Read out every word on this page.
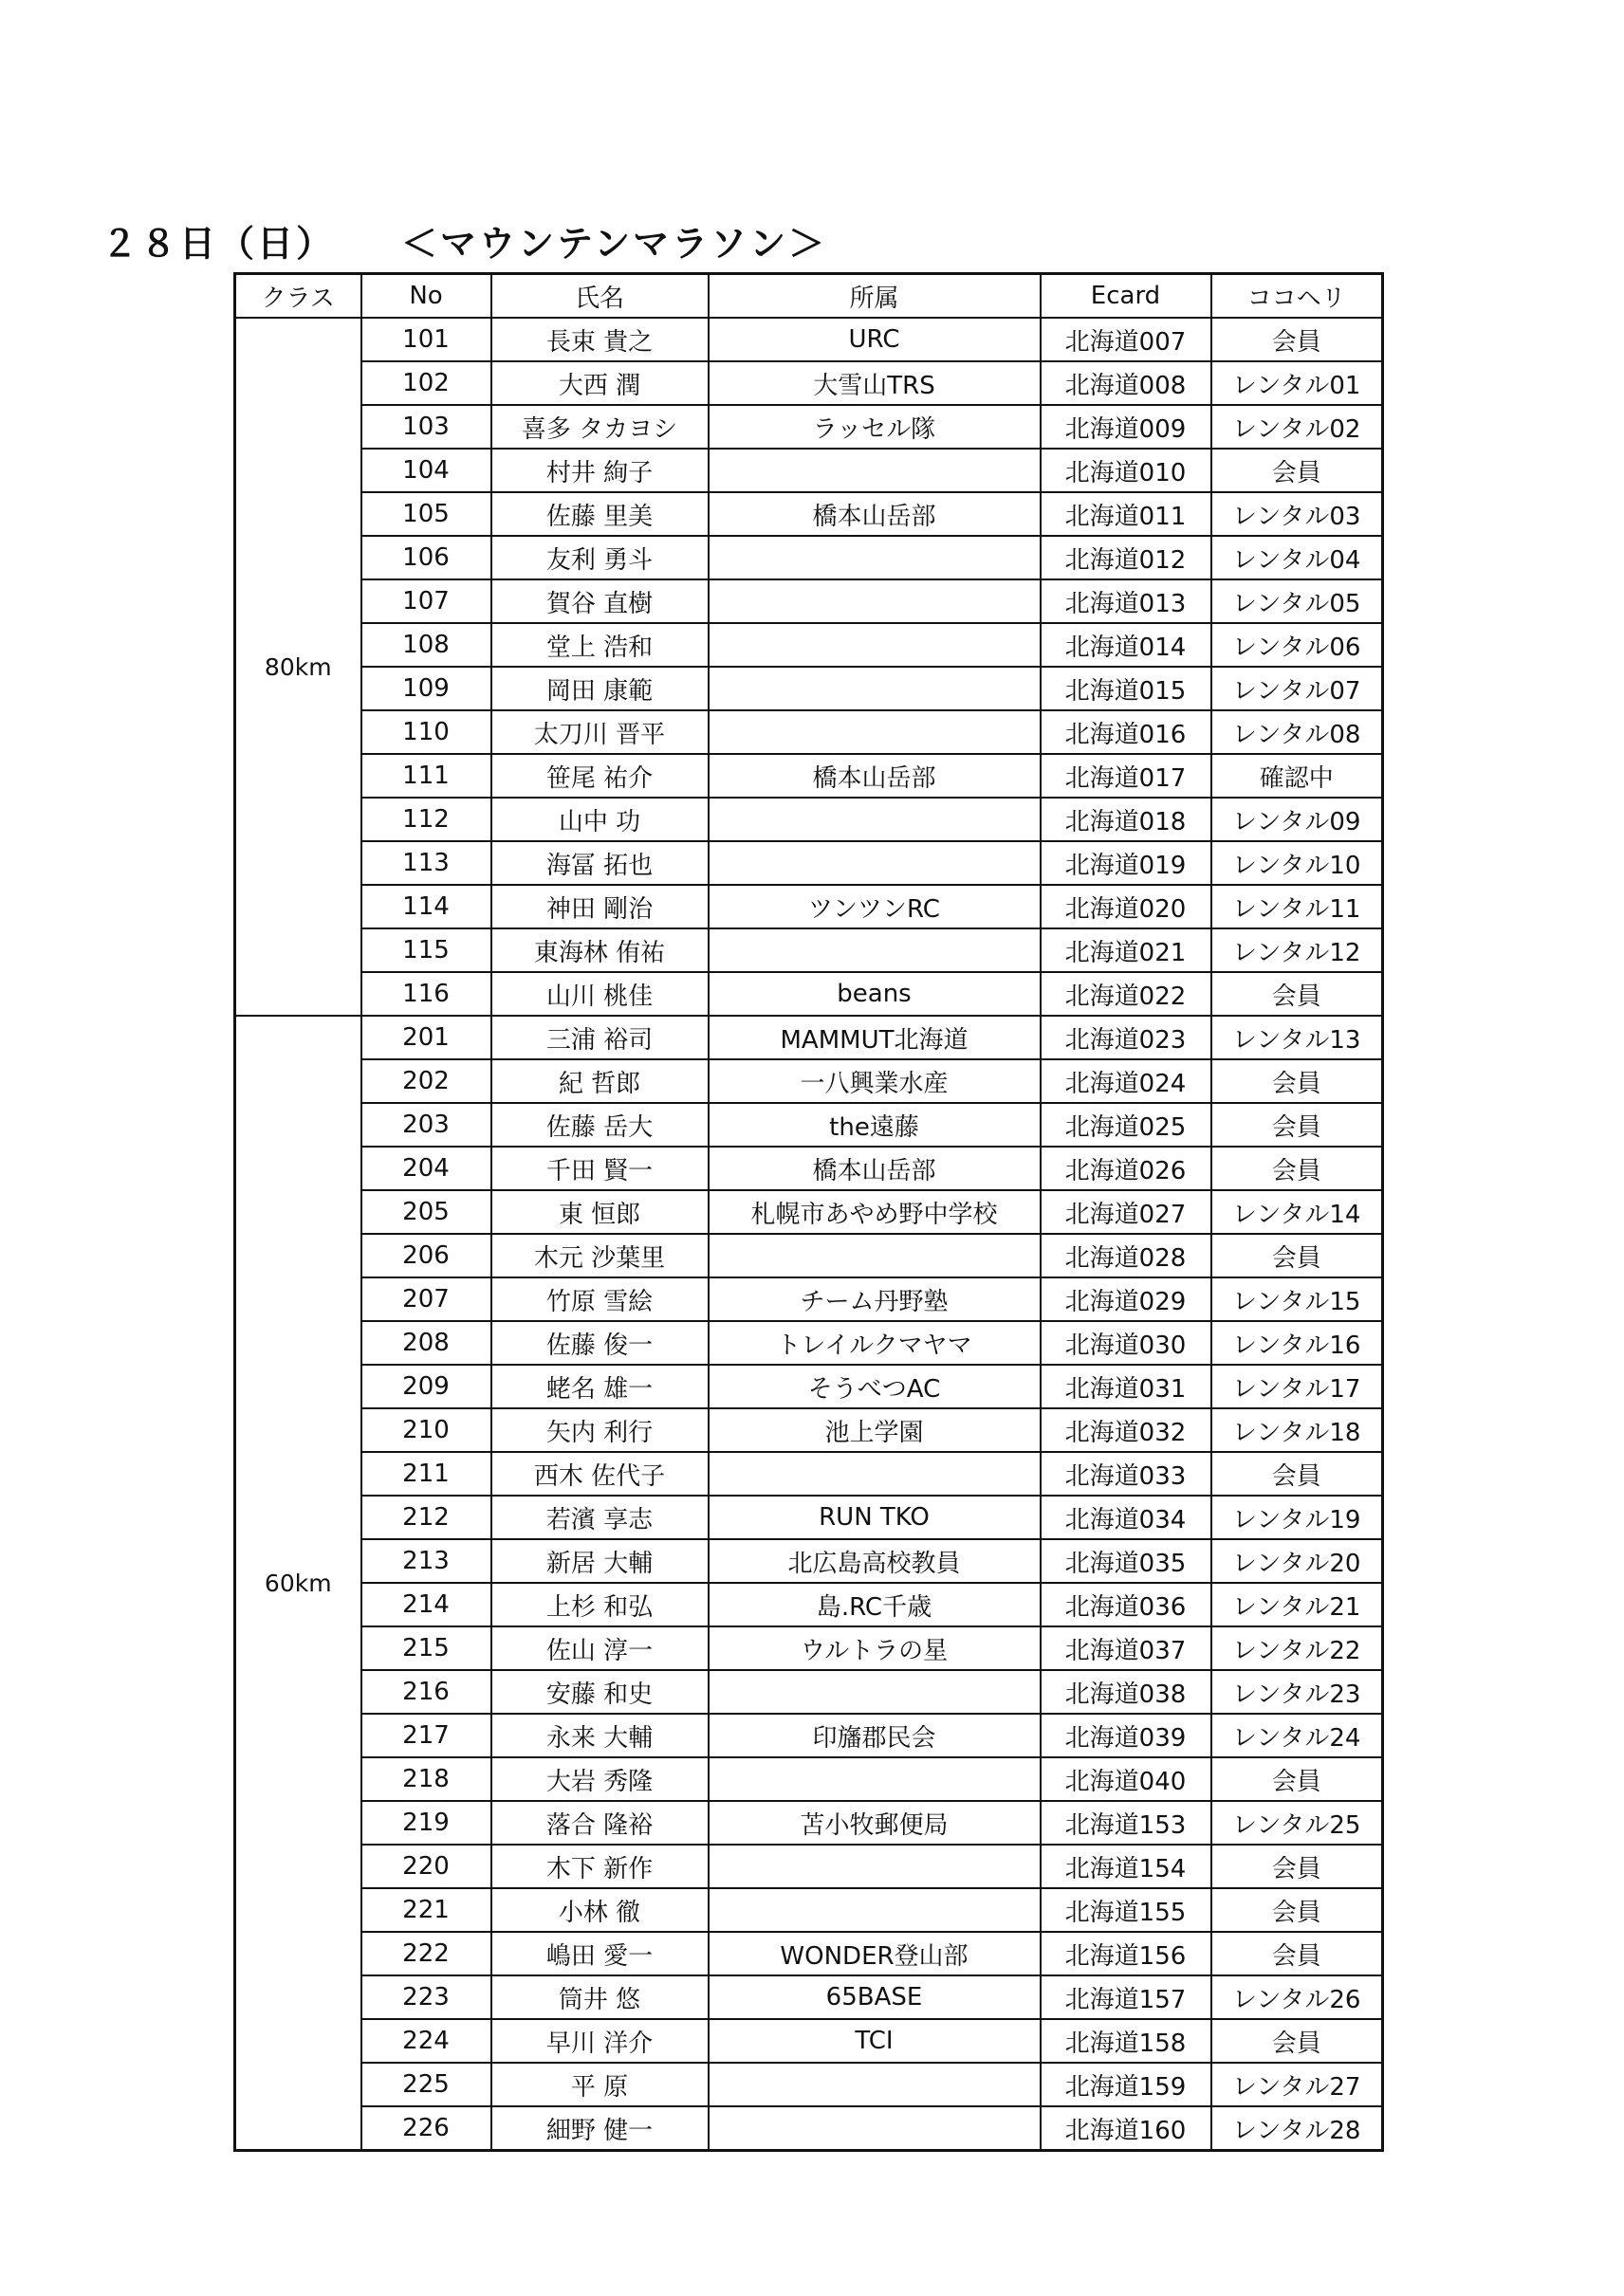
２８日（日） ＜マウンテンマラソン＞
クラス	No	氏名	所属	Ecard	ココヘリ
80km	101	長束 貴之	URC	北海道007	会員
	102	大西 潤	大雪山TRS	北海道008	レンタル01
	103	喜多 タカヨシ	ラッセル隊	北海道009	レンタル02
	104	村井 絢子		北海道010	会員
	105	佐藤 里美	橋本山岳部	北海道011	レンタル03
	106	友利 勇斗		北海道012	レンタル04
	107	賀谷 直樹		北海道013	レンタル05
	108	堂上 浩和		北海道014	レンタル06
	109	岡田 康範		北海道015	レンタル07
	110	太刀川 晋平		北海道016	レンタル08
	111	笹尾 祐介	橋本山岳部	北海道017	確認中
	112	山中 功		北海道018	レンタル09
	113	海冨 拓也		北海道019	レンタル10
	114	神田 剛治	ツンツンRC	北海道020	レンタル11
	115	東海林 侑祐		北海道021	レンタル12
	116	山川 桃佳	beans	北海道022	会員
60km	201	三浦 裕司	MAMMUT北海道	北海道023	レンタル13
	202	紀 哲郎	一八興業水産	北海道024	会員
	203	佐藤 岳大	the遠藤	北海道025	会員
	204	千田 賢一	橋本山岳部	北海道026	会員
	205	東 恒郎	札幌市あやめ野中学校	北海道027	レンタル14
	206	木元 沙葉里		北海道028	会員
	207	竹原 雪絵	チーム丹野塾	北海道029	レンタル15
	208	佐藤 俊一	トレイルクマヤマ	北海道030	レンタル16
	209	蛯名 雄一	そうべつAC	北海道031	レンタル17
	210	矢内 利行	池上学園	北海道032	レンタル18
	211	西木 佐代子		北海道033	会員
	212	若濱 享志	RUN TKO	北海道034	レンタル19
	213	新居 大輔	北広島高校教員	北海道035	レンタル20
	214	上杉 和弘	島.RC千歳	北海道036	レンタル21
	215	佐山 淳一	ウルトラの星	北海道037	レンタル22
	216	安藤 和史		北海道038	レンタル23
	217	永来 大輔	印旛郡民会	北海道039	レンタル24
	218	大岩 秀隆		北海道040	会員
	219	落合 隆裕	苫小牧郵便局	北海道153	レンタル25
	220	木下 新作		北海道154	会員
	221	小林 徹		北海道155	会員
	222	嶋田 愛一	WONDER登山部	北海道156	会員
	223	筒井 悠	65BASE	北海道157	レンタル26
	224	早川 洋介	TCI	北海道158	会員
	225	平 原		北海道159	レンタル27
	226	細野 健一		北海道160	レンタル28
